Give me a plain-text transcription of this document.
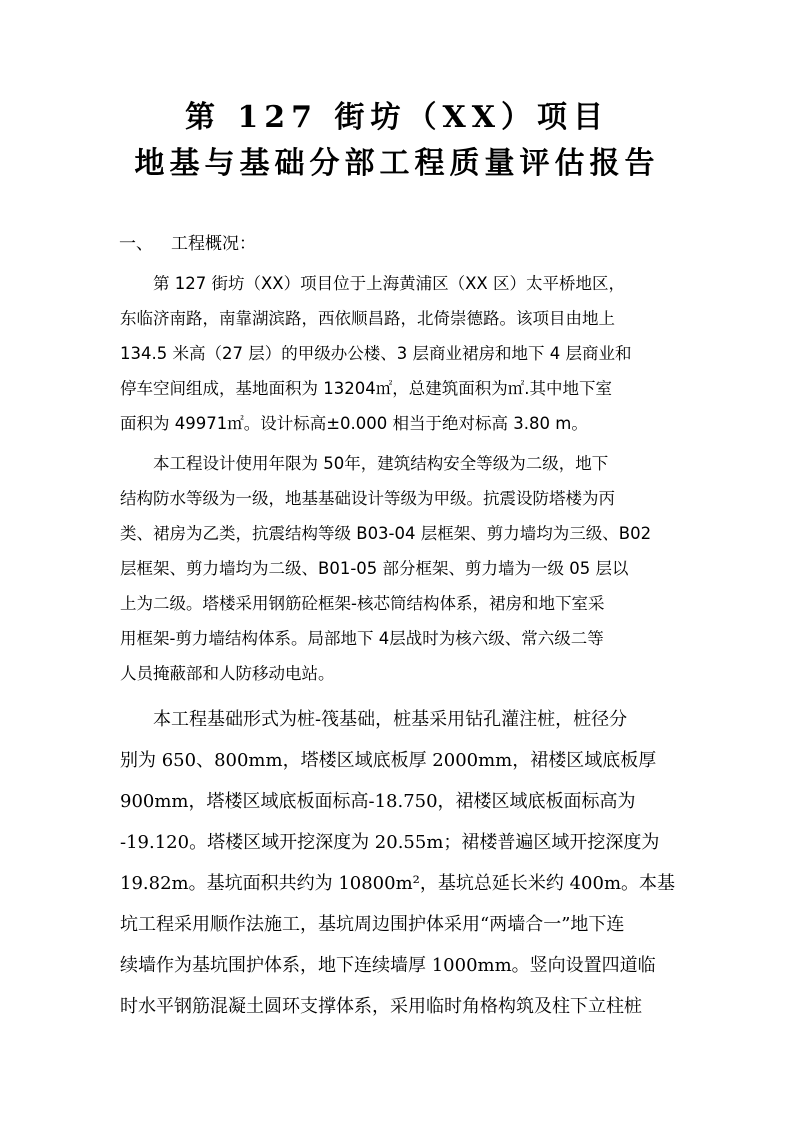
第 127 街坊（XX）项目
地基与基础分部工程质量评估报告
一、 工程概况：
第 127 街坊（XX）项目位于上海黄浦区（XX 区）太平桥地区，
东临济南路，南靠湖滨路，西依顺昌路，北倚崇德路。该项目由地上
134.5 米高（27 层）的甲级办公楼、3 层商业裙房和地下 4 层商业和
停车空间组成，基地面积为 13204㎡，总建筑面积为㎡.其中地下室
面积为 49971㎡。设计标高±0.000 相当于绝对标高 3.80 m。
本工程设计使用年限为 50年，建筑结构安全等级为二级，地下
结构防水等级为一级，地基基础设计等级为甲级。抗震设防塔楼为丙
类、裙房为乙类，抗震结构等级 B03-04 层框架、剪力墙均为三级、B02
层框架、剪力墙均为二级、B01-05 部分框架、剪力墙为一级 05 层以
上为二级。塔楼采用钢筋砼框架-核芯筒结构体系，裙房和地下室采
用框架-剪力墙结构体系。局部地下 4层战时为核六级、常六级二等
人员掩蔽部和人防移动电站。
本工程基础形式为桩-筏基础，桩基采用钻孔灌注桩，桩径分
别为 650、800mm，塔楼区域底板厚 2000mm，裙楼区域底板厚
900mm，塔楼区域底板面标高-18.750，裙楼区域底板面标高为
-19.120。塔楼区域开挖深度为 20.55m；裙楼普遍区域开挖深度为
19.82m。基坑面积共约为 10800m²，基坑总延长米约 400m。本基
坑工程采用顺作法施工，基坑周边围护体采用“两墙合一”地下连
续墙作为基坑围护体系，地下连续墙厚 1000mm。竖向设置四道临
时水平钢筋混凝土圆环支撑体系，采用临时角格构筑及柱下立柱桩
